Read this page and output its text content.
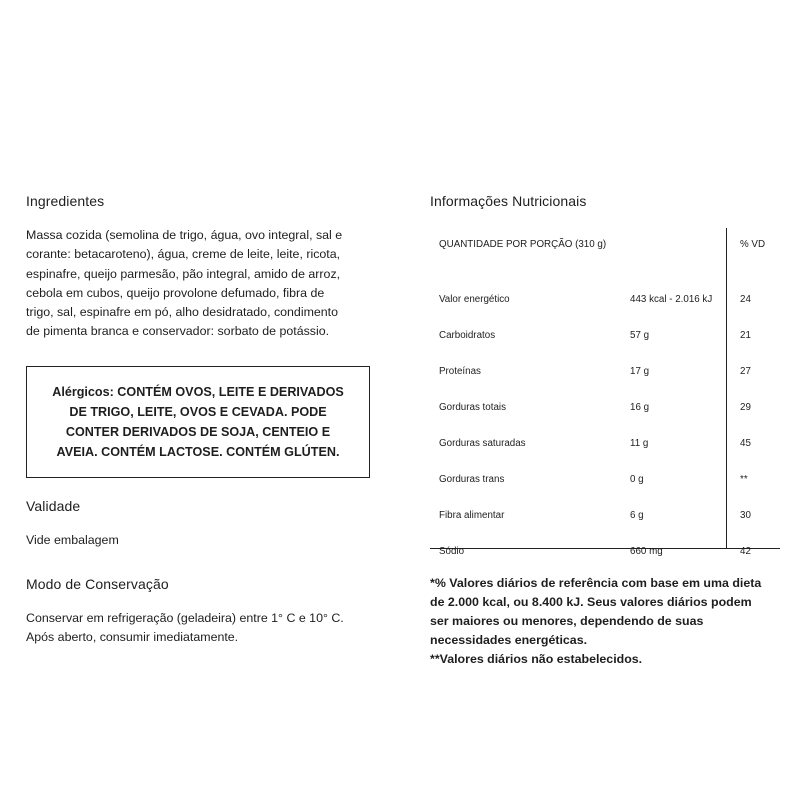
Ingredientes
Massa cozida (semolina de trigo, água, ovo integral, sal e
corante: betacaroteno), água, creme de leite, leite, ricota,
espinafre, queijo parmesão, pão integral, amido de arroz,
cebola em cubos, queijo provolone defumado, fibra de
trigo, sal, espinafre em pó, alho desidratado, condimento
de pimenta branca e conservador: sorbato de potássio.
Alérgicos: CONTÉM OVOS, LEITE E DERIVADOS
DE TRIGO, LEITE, OVOS E CEVADA. PODE
CONTER DERIVADOS DE SOJA, CENTEIO E
AVEIA. CONTÉM LACTOSE. CONTÉM GLÚTEN.
Validade
Vide embalagem
Modo de Conservação
Conservar em refrigeração (geladeira) entre 1° C e 10° C.
Após aberto, consumir imediatamente.
Informações Nutricionais
QUANTIDADE POR PORÇÃO (310 g)	% VD
Valor energético	443 kcal - 2.016 kJ	24
Carboidratos	57 g	21
Proteínas	17 g	27
Gorduras totais	16 g	29
Gorduras saturadas	11 g	45
Gorduras trans	0 g	**
Fibra alimentar	6 g	30
Sódio	660 mg	42
*% Valores diários de referência com base em uma dieta
de 2.000 kcal, ou 8.400 kJ. Seus valores diários podem
ser maiores ou menores, dependendo de suas
necessidades energéticas.
**Valores diários não estabelecidos.
